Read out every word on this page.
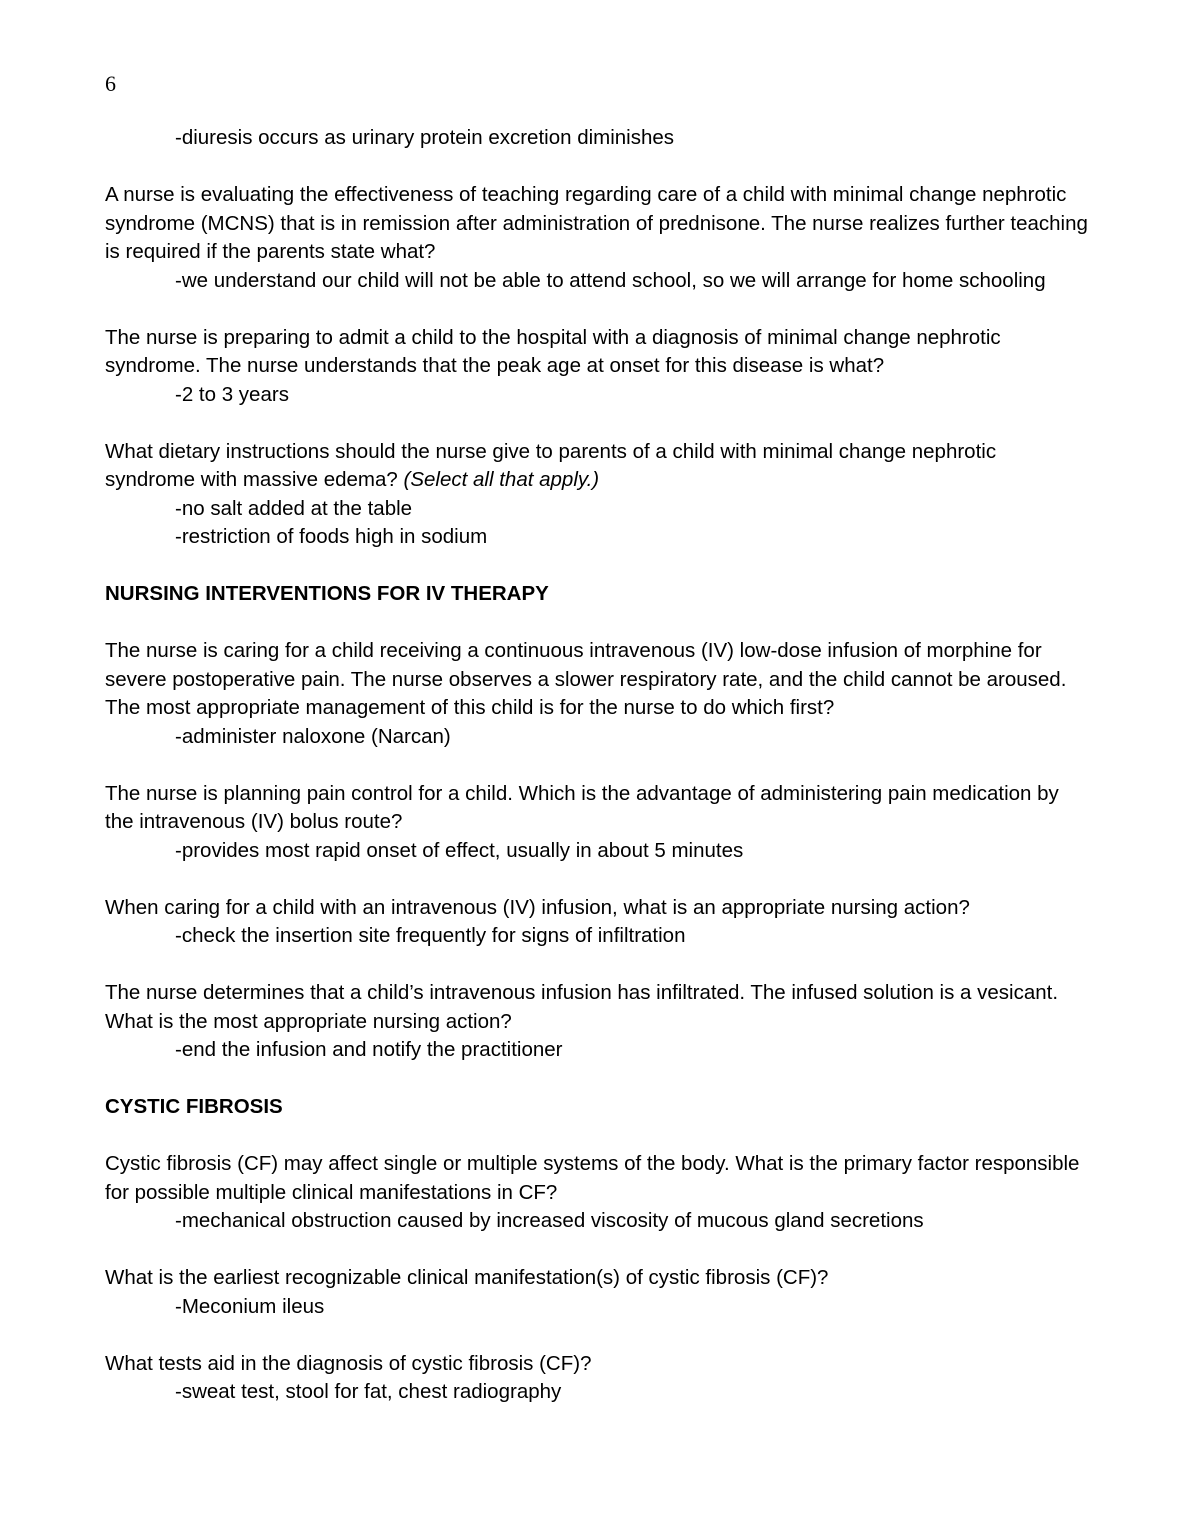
6

-diuresis occurs as urinary protein excretion diminishes

A nurse is evaluating the effectiveness of teaching regarding care of a child with minimal change nephrotic syndrome (MCNS) that is in remission after administration of prednisone. The nurse realizes further teaching is required if the parents state what?

-we understand our child will not be able to attend school, so we will arrange for home schooling

The nurse is preparing to admit a child to the hospital with a diagnosis of minimal change nephrotic syndrome. The nurse understands that the peak age at onset for this disease is what?

-2 to 3 years

What dietary instructions should the nurse give to parents of a child with minimal change nephrotic syndrome with massive edema? (Select all that apply.)

-no salt added at the table

-restriction of foods high in sodium

NURSING INTERVENTIONS FOR IV THERAPY

The nurse is caring for a child receiving a continuous intravenous (IV) low-dose infusion of morphine for severe postoperative pain. The nurse observes a slower respiratory rate, and the child cannot be aroused. The most appropriate management of this child is for the nurse to do which first?

-administer naloxone (Narcan)

The nurse is planning pain control for a child. Which is the advantage of administering pain medication by the intravenous (IV) bolus route?

-provides most rapid onset of effect, usually in about 5 minutes

When caring for a child with an intravenous (IV) infusion, what is an appropriate nursing action?

-check the insertion site frequently for signs of infiltration

The nurse determines that a child’s intravenous infusion has infiltrated. The infused solution is a vesicant. What is the most appropriate nursing action?

-end the infusion and notify the practitioner

CYSTIC FIBROSIS

Cystic fibrosis (CF) may affect single or multiple systems of the body. What is the primary factor responsible for possible multiple clinical manifestations in CF?

-mechanical obstruction caused by increased viscosity of mucous gland secretions

What is the earliest recognizable clinical manifestation(s) of cystic fibrosis (CF)?

-Meconium ileus

What tests aid in the diagnosis of cystic fibrosis (CF)?

-sweat test, stool for fat, chest radiography
